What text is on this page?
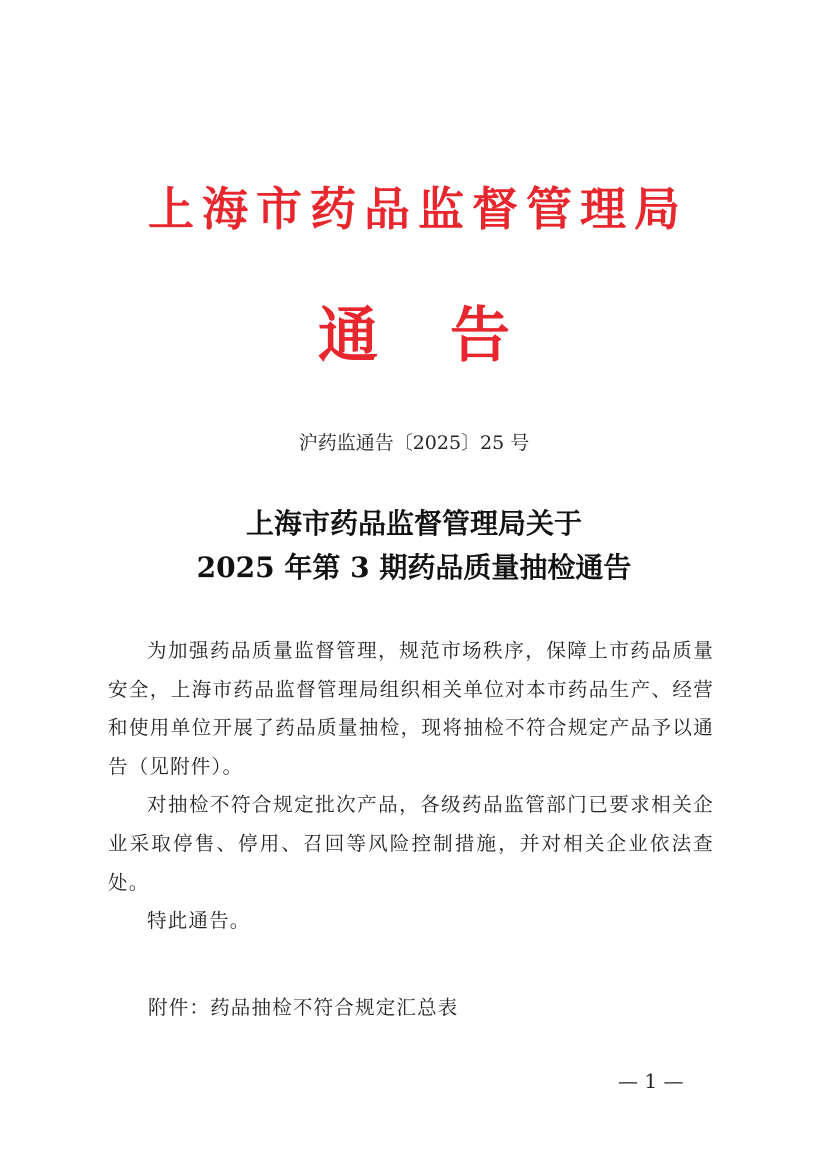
上海市药品监督管理局
通 告
沪药监通告〔2025〕25 号
上海市药品监督管理局关于
2025 年第 3 期药品质量抽检通告

为加强药品质量监督管理，规范市场秩序，保障上市药品质量安全，上海市药品监督管理局组织相关单位对本市药品生产、经营和使用单位开展了药品质量抽检，现将抽检不符合规定产品予以通告（见附件）。

对抽检不符合规定批次产品，各级药品监管部门已要求相关企业采取停售、停用、召回等风险控制措施，并对相关企业依法查处。

特此通告。

附件：药品抽检不符合规定汇总表
— 1 —
